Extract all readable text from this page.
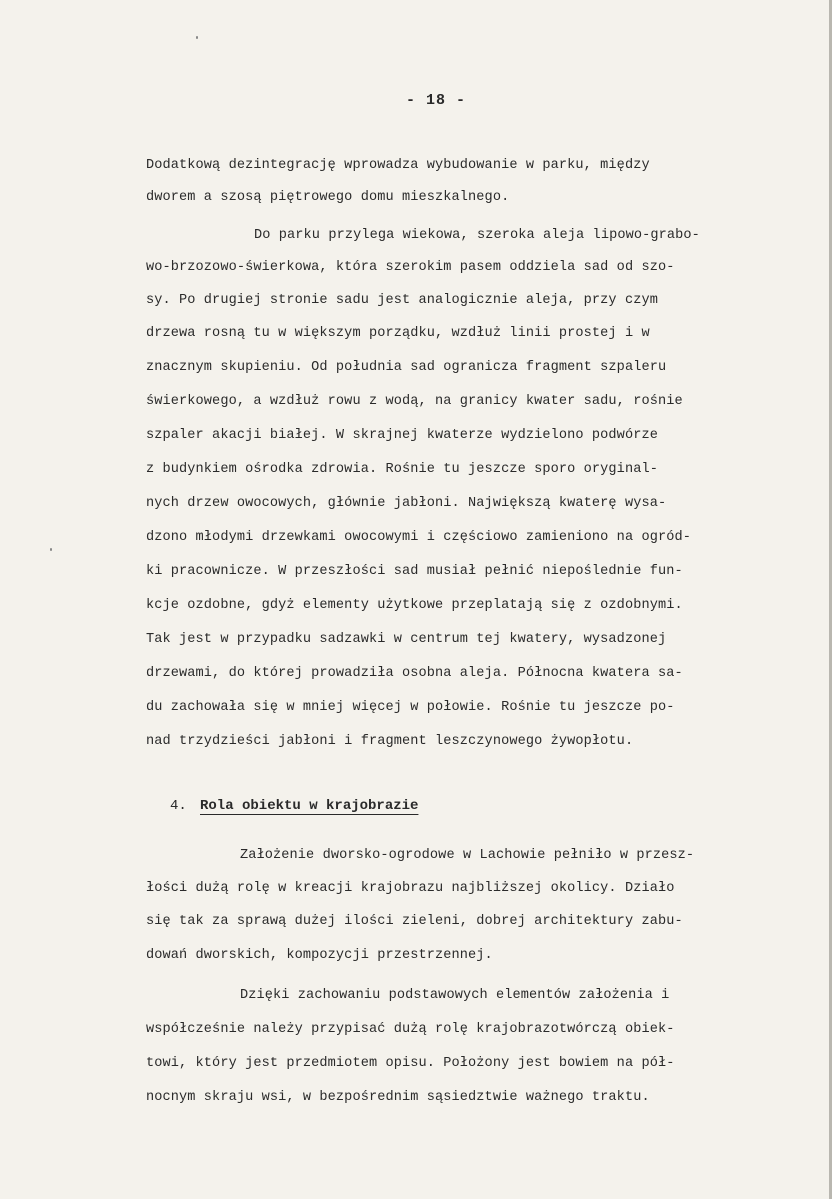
- 18 -
Dodatkową dezintegrację wprowadza wybudowanie w parku, między
dworem a szosą piętrowego domu mieszkalnego.
Do parku przylega wiekowa, szeroka aleja lipowo-grabo-
wo-brzozowo-świerkowa, która szerokim pasem oddziela sad od szo-
sy. Po drugiej stronie sadu jest analogicznie aleja, przy czym
drzewa rosną tu w większym porządku, wzdłuż linii prostej i w
znacznym skupieniu. Od południa sad ogranicza fragment szpaleru
świerkowego, a wzdłuż rowu z wodą, na granicy kwater sadu, rośnie
szpaler akacji białej. W skrajnej kwaterze wydzielono podwórze
z budynkiem ośrodka zdrowia. Rośnie tu jeszcze sporo oryginal-
nych drzew owocowych, głównie jabłoni. Największą kwaterę wysa-
dzono młodymi drzewkami owocowymi i częściowo zamieniono na ogród-
ki pracownicze. W przeszłości sad musiał pełnić niepoślednie fun-
kcje ozdobne, gdyż elementy użytkowe przeplatają się z ozdobnymi.
Tak jest w przypadku sadzawki w centrum tej kwatery, wysadzonej
drzewami, do której prowadziła osobna aleja. Północna kwatera sa-
du zachowała się w mniej więcej w połowie. Rośnie tu jeszcze po-
nad trzydzieści jabłoni i fragment leszczynowego żywopłotu.
4. Rola obiektu w krajobrazie
Założenie dworsko-ogrodowe w Lachowie pełniło w przesz-
łości dużą rolę w kreacji krajobrazu najbliższej okolicy. Działo
się tak za sprawą dużej ilości zieleni, dobrej architektury zabu-
dowań dworskich, kompozycji przestrzennej.
Dzięki zachowaniu podstawowych elementów założenia i
współcześnie należy przypisać dużą rolę krajobrazotwórczą obiek-
towi, który jest przedmiotem opisu. Położony jest bowiem na pół-
nocnym skraju wsi, w bezpośrednim sąsiedztwie ważnego traktu.
